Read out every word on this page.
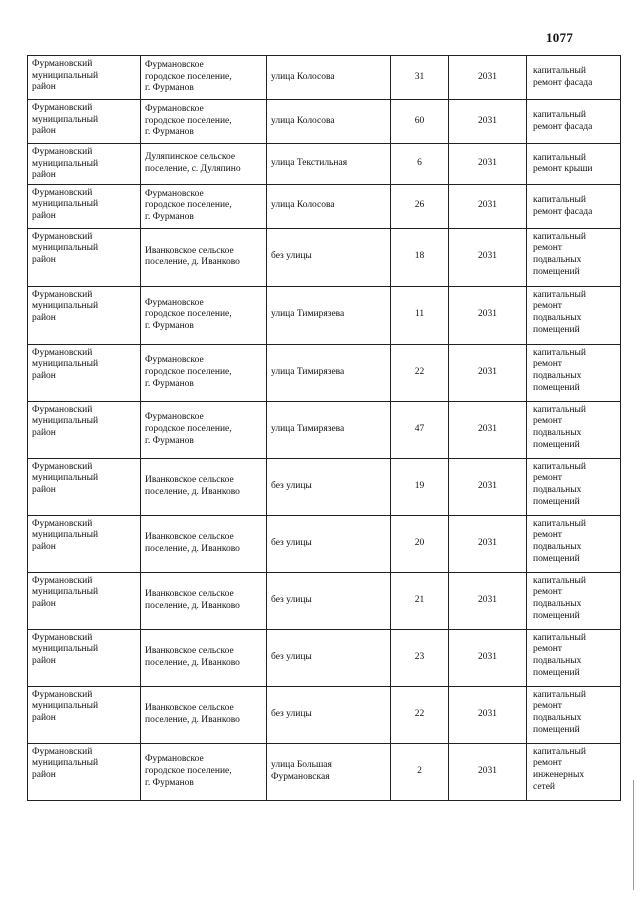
1077
Фурмановский
муниципальный
район	Фурмановское
городское поселение,
г. Фурманов	улица Колосова	31	2031	капитальный
ремонт фасада

Фурмановский
муниципальный
район	Фурмановское
городское поселение,
г. Фурманов	улица Колосова	60	2031	капитальный
ремонт фасада

Фурмановский
муниципальный
район	Дуляпинское сельское
поселение, с. Дуляпино	улица Текстильная	6	2031	капитальный
ремонт крыши

Фурмановский
муниципальный
район	Фурмановское
городское поселение,
г. Фурманов	улица Колосова	26	2031	капитальный
ремонт фасада

Фурмановский
муниципальный
район	Иванковское сельское
поселение, д. Иванково	без улицы	18	2031	капитальный
ремонт
подвальных
помещений

Фурмановский
муниципальный
район	Фурмановское
городское поселение,
г. Фурманов	улица Тимирязева	11	2031	капитальный
ремонт
подвальных
помещений

Фурмановский
муниципальный
район	Фурмановское
городское поселение,
г. Фурманов	улица Тимирязева	22	2031	капитальный
ремонт
подвальных
помещений

Фурмановский
муниципальный
район	Фурмановское
городское поселение,
г. Фурманов	улица Тимирязева	47	2031	капитальный
ремонт
подвальных
помещений

Фурмановский
муниципальный
район	Иванковское сельское
поселение, д. Иванково	без улицы	19	2031	капитальный
ремонт
подвальных
помещений

Фурмановский
муниципальный
район	Иванковское сельское
поселение, д. Иванково	без улицы	20	2031	капитальный
ремонт
подвальных
помещений

Фурмановский
муниципальный
район	Иванковское сельское
поселение, д. Иванково	без улицы	21	2031	капитальный
ремонт
подвальных
помещений

Фурмановский
муниципальный
район	Иванковское сельское
поселение, д. Иванково	без улицы	23	2031	капитальный
ремонт
подвальных
помещений

Фурмановский
муниципальный
район	Иванковское сельское
поселение, д. Иванково	без улицы	22	2031	капитальный
ремонт
подвальных
помещений

Фурмановский
муниципальный
район	Фурмановское
городское поселение,
г. Фурманов	улица Большая
Фурмановская	2	2031	капитальный
ремонт
инженерных
сетей
